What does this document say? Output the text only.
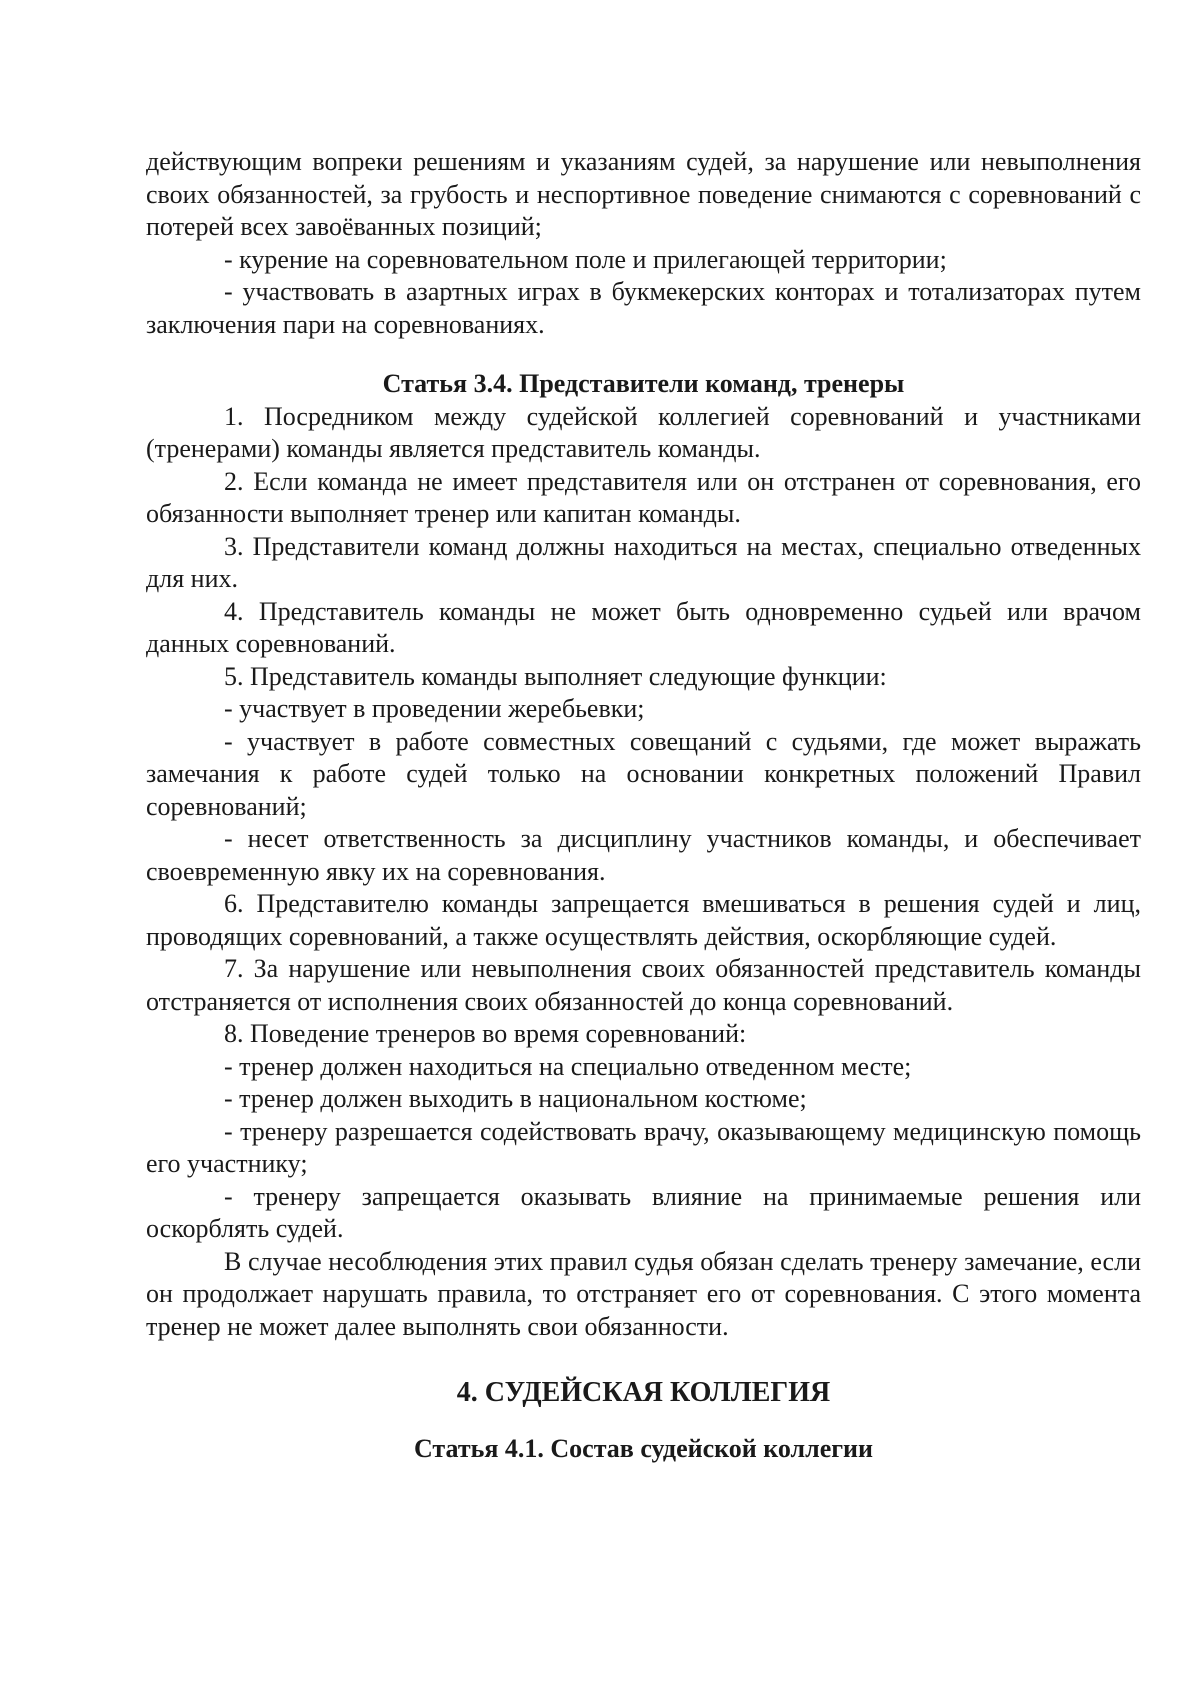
действующим вопреки решениям и указаниям судей, за нарушение или невыполнения своих обязанностей, за грубость и неспортивное поведение снимаются с соревнований с потерей всех завоёванных позиций;

- курение на соревновательном поле и прилегающей территории;

- участвовать в азартных играх в букмекерских конторах и тотализаторах путем заключения пари на соревнованиях.

Статья 3.4. Представители команд, тренеры

1. Посредником между судейской коллегией соревнований и участниками (тренерами) команды является представитель команды.

2. Если команда не имеет представителя или он отстранен от соревнования, его обязанности выполняет тренер или капитан команды.

3. Представители команд должны находиться на местах, специально отведенных для них.

4. Представитель команды не может быть одновременно судьей или врачом данных соревнований.

5. Представитель команды выполняет следующие функции:

- участвует в проведении жеребьевки;

- участвует в работе совместных совещаний с судьями, где может выражать замечания к работе судей только на основании конкретных положений Правил соревнований;

- несет ответственность за дисциплину участников команды, и обеспечивает своевременную явку их на соревнования.

6. Представителю команды запрещается вмешиваться в решения судей и лиц, проводящих соревнований, а также осуществлять действия, оскорбляющие судей.

7. За нарушение или невыполнения своих обязанностей представитель команды отстраняется от исполнения своих обязанностей до конца соревнований.

8. Поведение тренеров во время соревнований:

- тренер должен находиться на специально отведенном месте;

- тренер должен выходить в национальном костюме;

- тренеру разрешается содействовать врачу, оказывающему медицинскую помощь его участнику;

- тренеру запрещается оказывать влияние на принимаемые решения или оскорблять судей.

В случае несоблюдения этих правил судья обязан сделать тренеру замечание, если он продолжает нарушать правила, то отстраняет его от соревнования. С этого момента тренер не может далее выполнять свои обязанности.

4. СУДЕЙСКАЯ КОЛЛЕГИЯ
Статья 4.1. Состав судейской коллегии
